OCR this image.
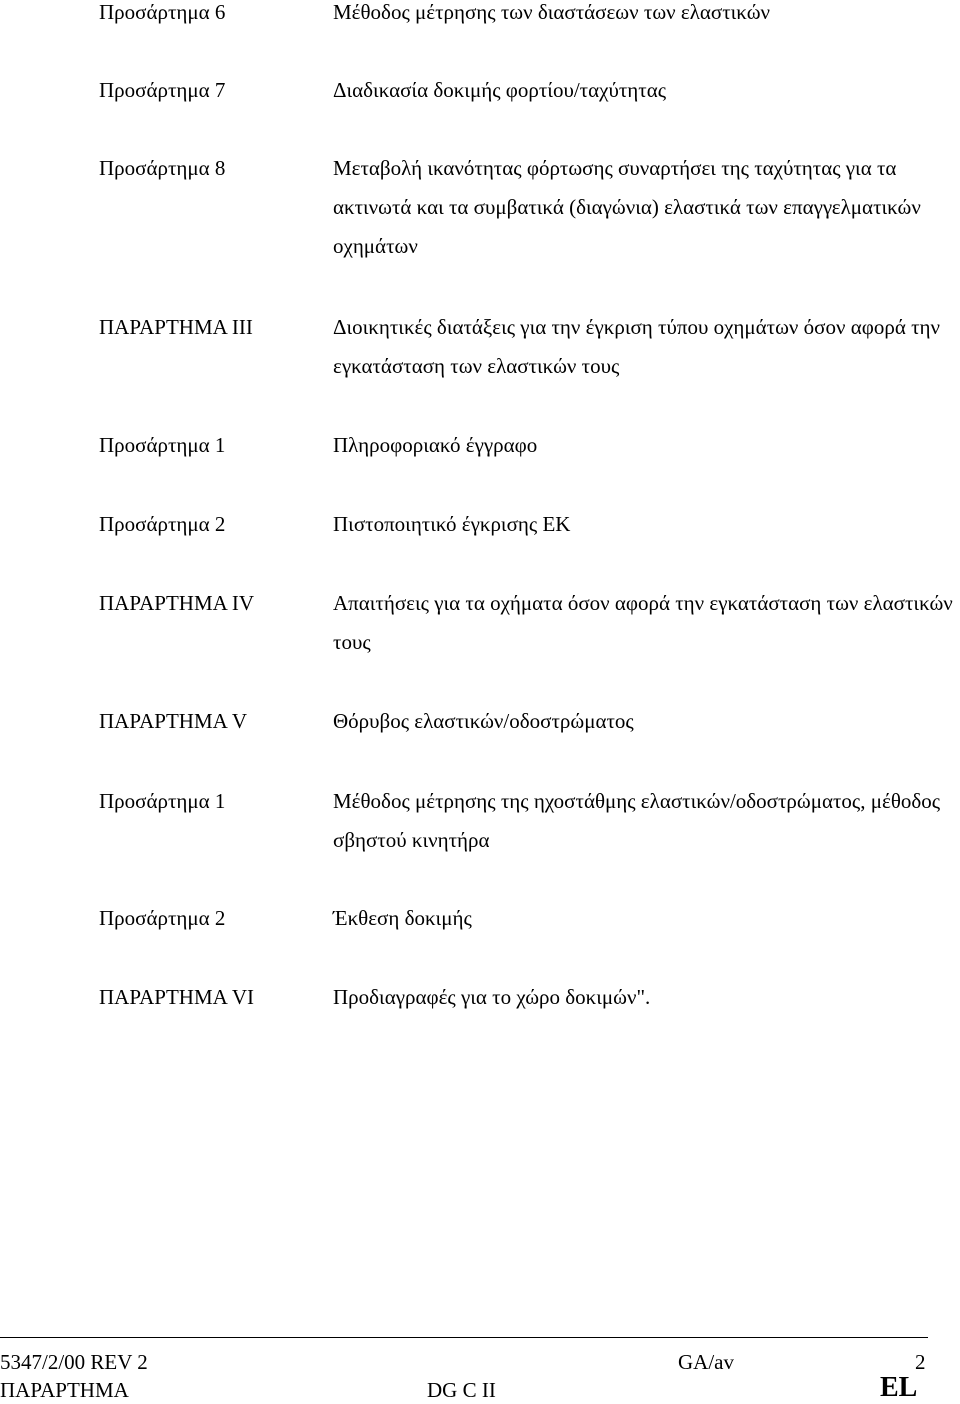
Προσάρτημα 6	Μέθοδος μέτρησης των διαστάσεων των ελαστικών
Προσάρτημα 7	Διαδικασία δοκιμής φορτίου/ταχύτητας
Προσάρτημα 8	Μεταβολή ικανότητας φόρτωσης συναρτήσει της ταχύτητας για τα ακτινωτά και τα συμβατικά (διαγώνια) ελαστικά των επαγγελματικών οχημάτων
ΠΑΡΑΡΤΗΜΑ III	Διοικητικές διατάξεις για την έγκριση τύπου οχημάτων όσον αφορά την εγκατάσταση των ελαστικών τους
Προσάρτημα 1	Πληροφοριακό έγγραφο
Προσάρτημα 2	Πιστοποιητικό έγκρισης ΕΚ
ΠΑΡΑΡΤΗΜΑ IV	Απαιτήσεις για τα οχήματα όσον αφορά την εγκατάσταση των ελαστικών τους
ΠΑΡΑΡΤΗΜΑ V	Θόρυβος ελαστικών/οδοστρώματος
Προσάρτημα 1	Μέθοδος μέτρησης της ηχοστάθμης ελαστικών/οδοστρώματος, μέθοδος σβηστού κινητήρα
Προσάρτημα 2	Έκθεση δοκιμής
ΠΑΡΑΡΤΗΜΑ VI	Προδιαγραφές για το χώρο δοκιμών".
5347/2/00 REV 2	GA/av	2
ΠΑΡΑΡΤΗΜΑ	DG C II	EL
